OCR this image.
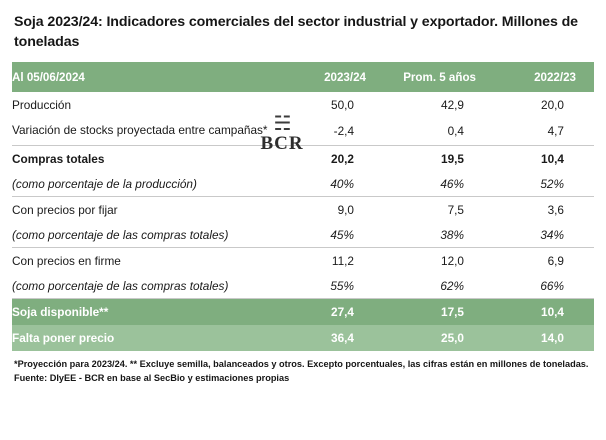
Soja 2023/24: Indicadores comerciales del sector industrial y exportador. Millones de toneladas
Al 05/06/2024	2023/24	Prom. 5 años	2022/23
Producción	50,0	42,9	20,0
Variación de stocks proyectada entre campañas*	-2,4	0,4	4,7
Compras totales	20,2	19,5	10,4
(como porcentaje de la producción)	40%	46%	52%
Con precios por fijar	9,0	7,5	3,6
(como porcentaje de las compras totales)	45%	38%	34%
Con precios en firme	11,2	12,0	6,9
(como porcentaje de las compras totales)	55%	62%	66%
Soja disponible**	27,4	17,5	10,4
Falta poner precio	36,4	25,0	14,0
☵
BCR
*Proyección para 2023/24. ** Excluye semilla, balanceados y otros. Excepto porcentuales, las cifras están en millones de toneladas.
Fuente: DIyEE - BCR en base al SecBio y estimaciones propias
